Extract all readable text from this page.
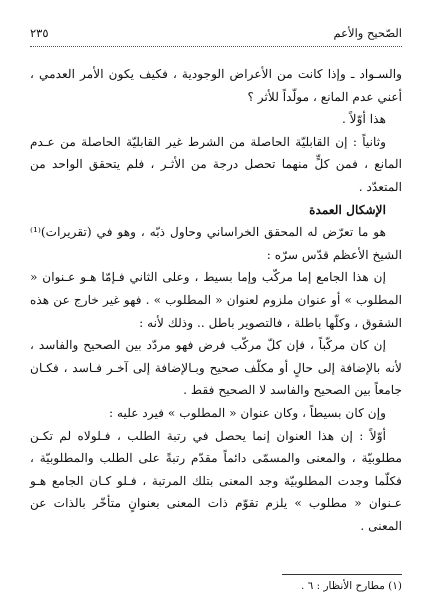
الصّحيح والأعم
٢٣٥

والسـواد ـ وإذا كانت من الأعراض الوجودية ، فكيف يكون الأمر العدمي ، أعني عدم المانع ، مولّداً للأثر ؟

هذا أوّلاً .

وثانياً : إن القابليّة الحاصلة من الشرط غير القابليّة الحاصلة من عـدم المانع ، فمن كلٍّ منهما تحصل درجة من الأثـر ، فلم يتحقق الواحد من المتعدّد .

الإشكال العمدة

هو ما تعرّض له المحقق الخراساني وحاول ذبّه ، وهو في (تقريرات)⁽¹⁾ الشيخ الأعظم قدّس سرّه :

إن هذا الجامع إما مركّب وإما بسيط ، وعلى الثاني فـإمّا هـو عـنوان « المطلوب » أو عنوان ملزوم لعنوان « المطلوب » . فهو غير خارج عن هذه الشقوق ، وكلّها باطلة ، فالتصوير باطل .. وذلك لأنه :

إن كان مركّباً ، فإن كلّ مركّب فرض فهو مردّد بين الصحيح والفاسد ، لأنه بالإضافة إلى حالٍ أو مكلّف صحيح وبـالإضافة إلى آخـر فـاسد ، فكـان جامعاً بين الصحيح والفاسد لا الصحيح فقط .

وإن كان بسيطاً ، وكان عنوان « المطلوب » فيرد عليه :

أوّلاً : إن هذا العنوان إنما يحصل في رتبة الطلب ، فـلولاه لم تكـن مطلوبيّة ، والمعنى والمسمّى دائماً مقدّم رتبةً على الطلب والمطلوبيّة ، فكلّما وجدت المطلوبيّة وجد المعنى بتلك المرتبة ، فـلو كـان الجامع هـو عـنوان « مطلوب » يلزم تقوّم ذات المعنى بعنوانٍ متأخّر بالذات عن المعنى .

(١) مطارح الأنظار : ٦ .
